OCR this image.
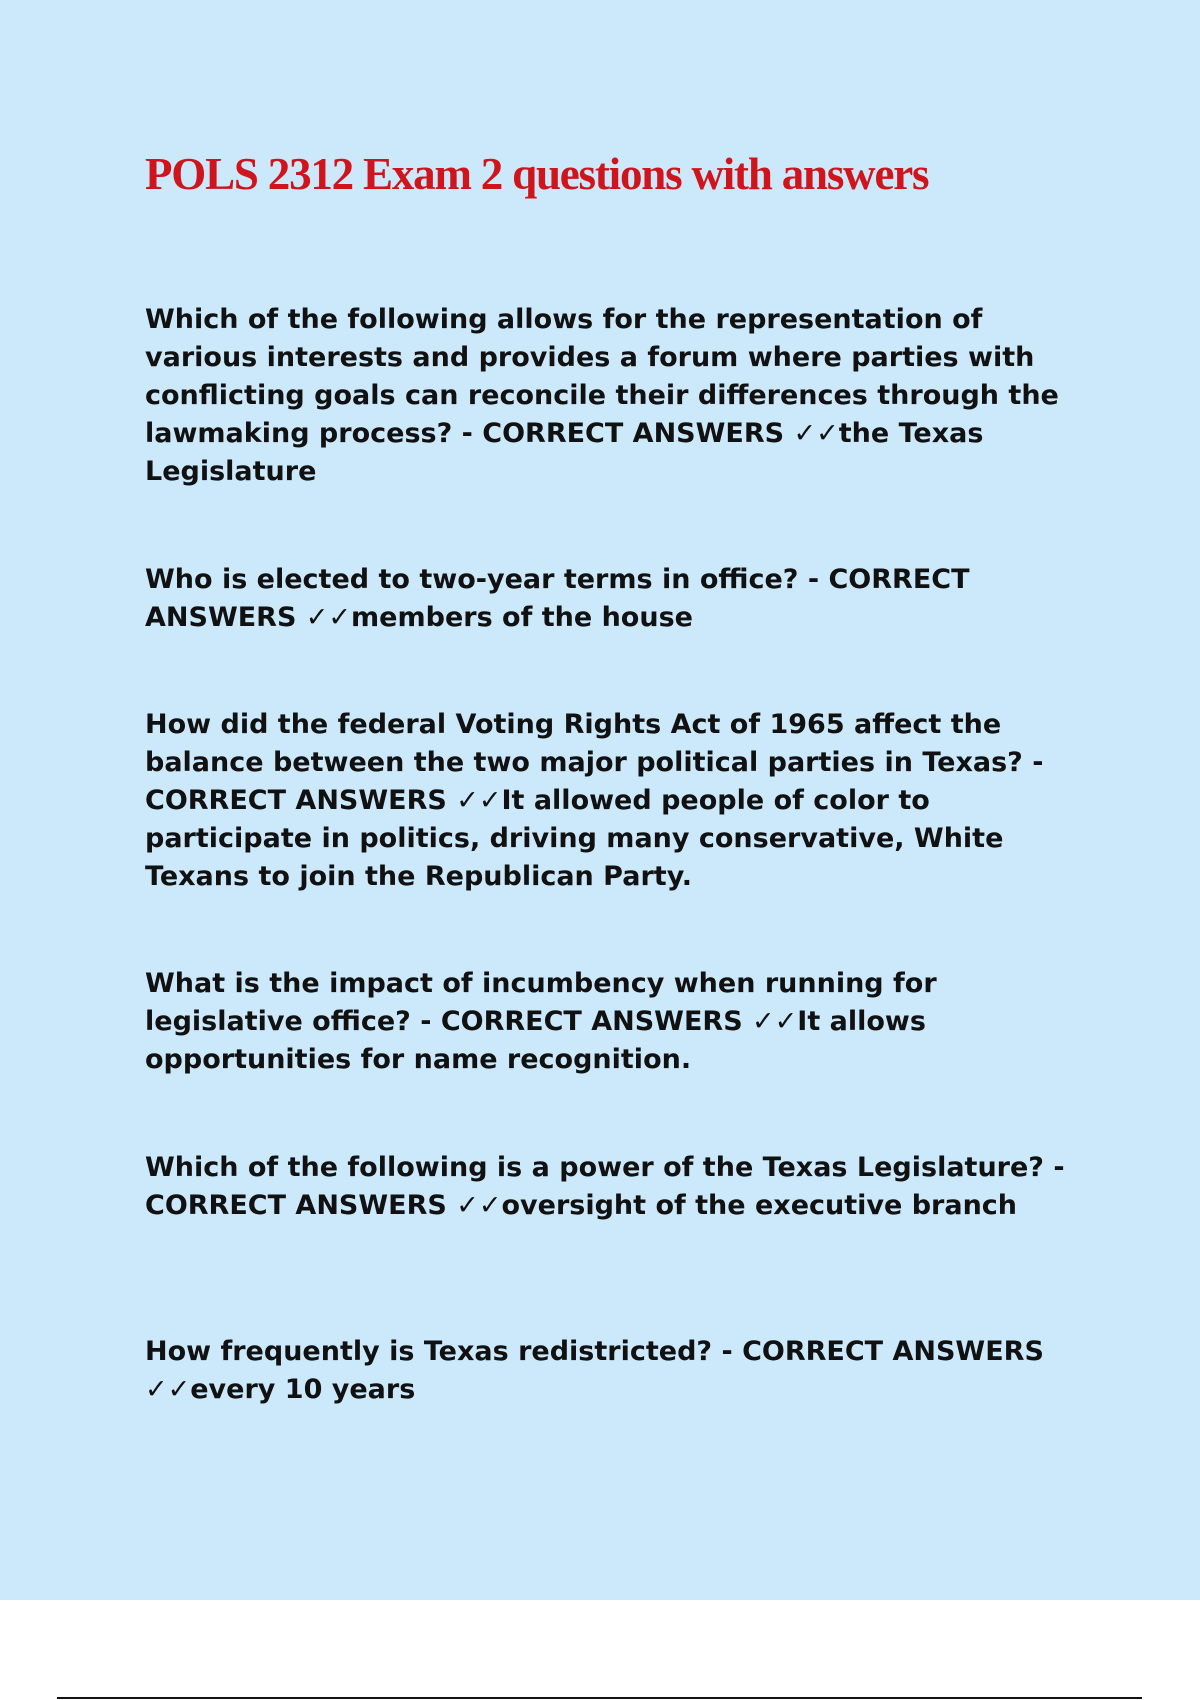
POLS 2312 Exam 2 questions with answers

Which of the following allows for the representation of various interests and provides a forum where parties with conflicting goals can reconcile their differences through the lawmaking process? - CORRECT ANSWERS ✓✓the Texas Legislature

Who is elected to two-year terms in office? - CORRECT ANSWERS ✓✓members of the house

How did the federal Voting Rights Act of 1965 affect the balance between the two major political parties in Texas? - CORRECT ANSWERS ✓✓It allowed people of color to participate in politics, driving many conservative, White Texans to join the Republican Party.

What is the impact of incumbency when running for legislative office? - CORRECT ANSWERS ✓✓It allows opportunities for name recognition.

Which of the following is a power of the Texas Legislature? - CORRECT ANSWERS ✓✓oversight of the executive branch

How frequently is Texas redistricted? - CORRECT ANSWERS ✓✓every 10 years
